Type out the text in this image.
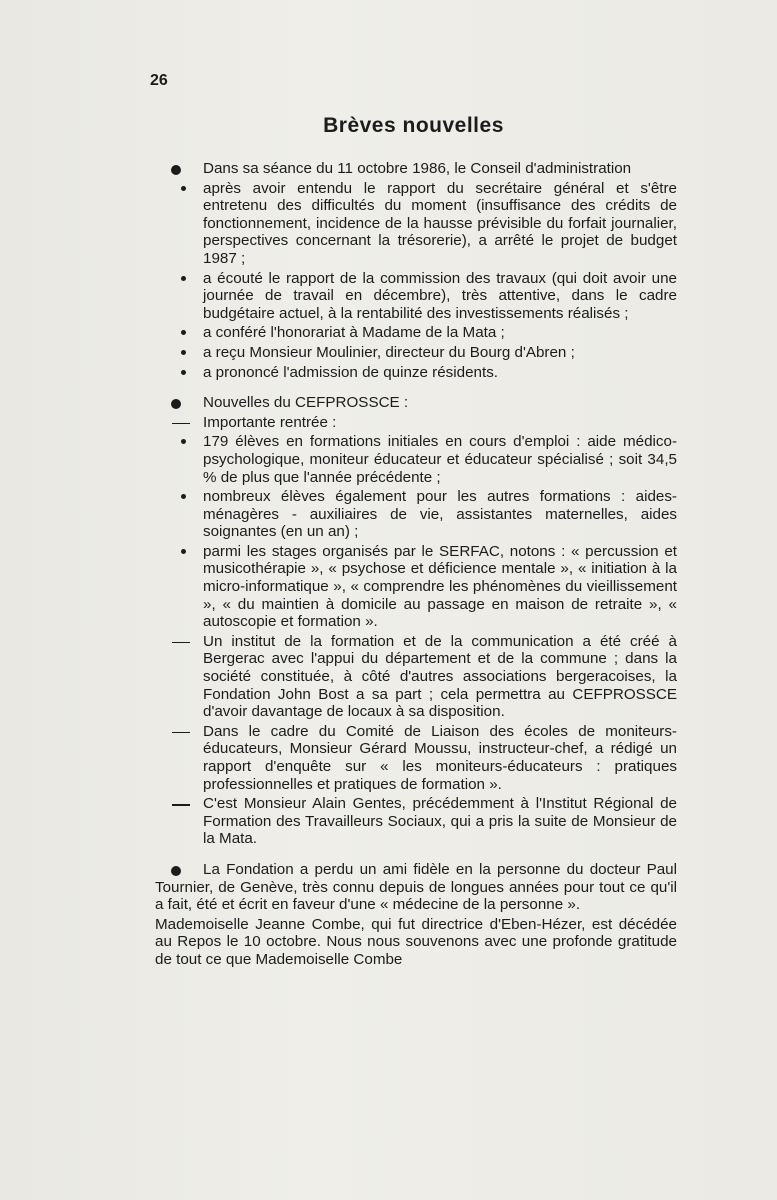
26
Brèves nouvelles
Dans sa séance du 11 octobre 1986, le Conseil d'administration
après avoir entendu le rapport du secrétaire général et s'être entretenu des difficultés du moment (insuffisance des crédits de fonctionnement, incidence de la hausse prévisible du forfait journalier, perspectives concernant la trésorerie), a arrêté le projet de budget 1987 ;
a écouté le rapport de la commission des travaux (qui doit avoir une journée de travail en décembre), très attentive, dans le cadre budgétaire actuel, à la rentabilité des investissements réalisés ;
a conféré l'honorariat à Madame de la Mata ;
a reçu Monsieur Moulinier, directeur du Bourg d'Abren ;
a prononcé l'admission de quinze résidents.
Nouvelles du CEFPROSSCE :
Importante rentrée :
179 élèves en formations initiales en cours d'emploi : aide médico-psychologique, moniteur éducateur et éducateur spécialisé ; soit 34,5 % de plus que l'année précédente ;
nombreux élèves également pour les autres formations : aides-ménagères - auxiliaires de vie, assistantes maternelles, aides soignantes (en un an) ;
parmi les stages organisés par le SERFAC, notons : « percussion et musicothérapie », « psychose et déficience mentale », « initiation à la micro-informatique », « comprendre les phénomènes du vieillissement », « du maintien à domicile au passage en maison de retraite », « autoscopie et formation ».
Un institut de la formation et de la communication a été créé à Bergerac avec l'appui du département et de la commune ; dans la société constituée, à côté d'autres associations bergeracoises, la Fondation John Bost a sa part ; cela permettra au CEFPROSSCE d'avoir davantage de locaux à sa disposition.
Dans le cadre du Comité de Liaison des écoles de moniteurs-éducateurs, Monsieur Gérard Moussu, instructeur-chef, a rédigé un rapport d'enquête sur « les moniteurs-éducateurs : pratiques professionnelles et pratiques de formation ».
C'est Monsieur Alain Gentes, précédemment à l'Institut Régional de Formation des Travailleurs Sociaux, qui a pris la suite de Monsieur de la Mata.
La Fondation a perdu un ami fidèle en la personne du docteur Paul Tournier, de Genève, très connu depuis de longues années pour tout ce qu'il a fait, été et écrit en faveur d'une « médecine de la personne ».
Mademoiselle Jeanne Combe, qui fut directrice d'Eben-Hézer, est décédée au Repos le 10 octobre. Nous nous souvenons avec une profonde gratitude de tout ce que Mademoiselle Combe
